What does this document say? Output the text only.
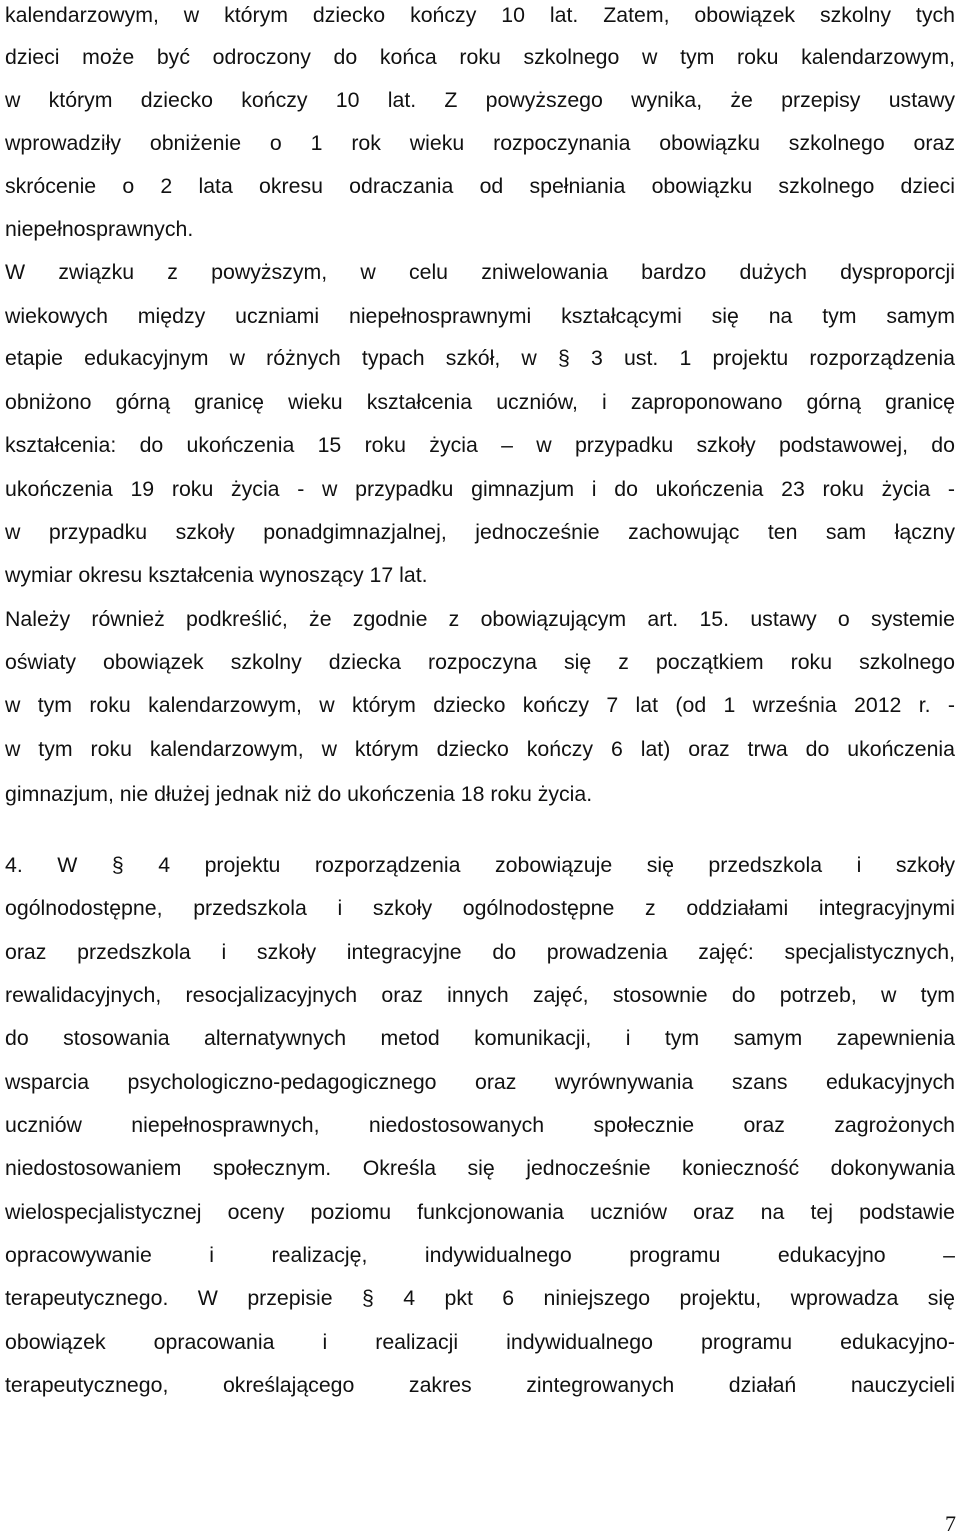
kalendarzowym, w którym dziecko kończy 10 lat. Zatem, obowiązek szkolny tych
dzieci może być odroczony do końca roku szkolnego w tym roku kalendarzowym,
w którym dziecko kończy 10 lat. Z powyższego wynika, że przepisy ustawy
wprowadziły obniżenie o 1 rok wieku rozpoczynania obowiązku szkolnego oraz
skrócenie o 2 lata okresu odraczania od spełniania obowiązku szkolnego dzieci
niepełnosprawnych.
W związku z powyższym, w celu zniwelowania bardzo dużych dysproporcji
wiekowych między uczniami niepełnosprawnymi kształcącymi się na tym samym
etapie edukacyjnym w różnych typach szkół, w § 3 ust. 1 projektu rozporządzenia
obniżono górną granicę wieku kształcenia uczniów, i zaproponowano górną granicę
kształcenia: do ukończenia 15 roku życia – w przypadku szkoły podstawowej, do
ukończenia 19 roku życia - w przypadku gimnazjum i do ukończenia 23 roku życia -
w przypadku szkoły ponadgimnazjalnej, jednocześnie zachowując ten sam łączny
wymiar okresu kształcenia wynoszący 17 lat.
Należy również podkreślić, że zgodnie z obowiązującym art. 15. ustawy o systemie
oświaty obowiązek szkolny dziecka rozpoczyna się z początkiem roku szkolnego
w tym roku kalendarzowym, w którym dziecko kończy 7 lat (od 1 września 2012 r. -
w tym roku kalendarzowym, w którym dziecko kończy 6 lat) oraz trwa do ukończenia
gimnazjum, nie dłużej jednak niż do ukończenia 18 roku życia.
4. W § 4 projektu rozporządzenia zobowiązuje się przedszkola i szkoły
ogólnodostępne, przedszkola i szkoły ogólnodostępne z oddziałami integracyjnymi
oraz przedszkola i szkoły integracyjne do prowadzenia zajęć: specjalistycznych,
rewalidacyjnych, resocjalizacyjnych oraz innych zajęć, stosownie do potrzeb, w tym
do stosowania alternatywnych metod komunikacji, i tym samym zapewnienia
wsparcia psychologiczno-pedagogicznego oraz wyrównywania szans edukacyjnych
uczniów niepełnosprawnych, niedostosowanych społecznie oraz zagrożonych
niedostosowaniem społecznym. Określa się jednocześnie konieczność dokonywania
wielospecjalistycznej oceny poziomu funkcjonowania uczniów oraz na tej podstawie
opracowywanie i realizację, indywidualnego programu edukacyjno –
terapeutycznego. W przepisie § 4 pkt 6 niniejszego projektu, wprowadza się
obowiązek opracowania i realizacji indywidualnego programu edukacyjno-
terapeutycznego, określającego zakres zintegrowanych działań nauczycieli
7
